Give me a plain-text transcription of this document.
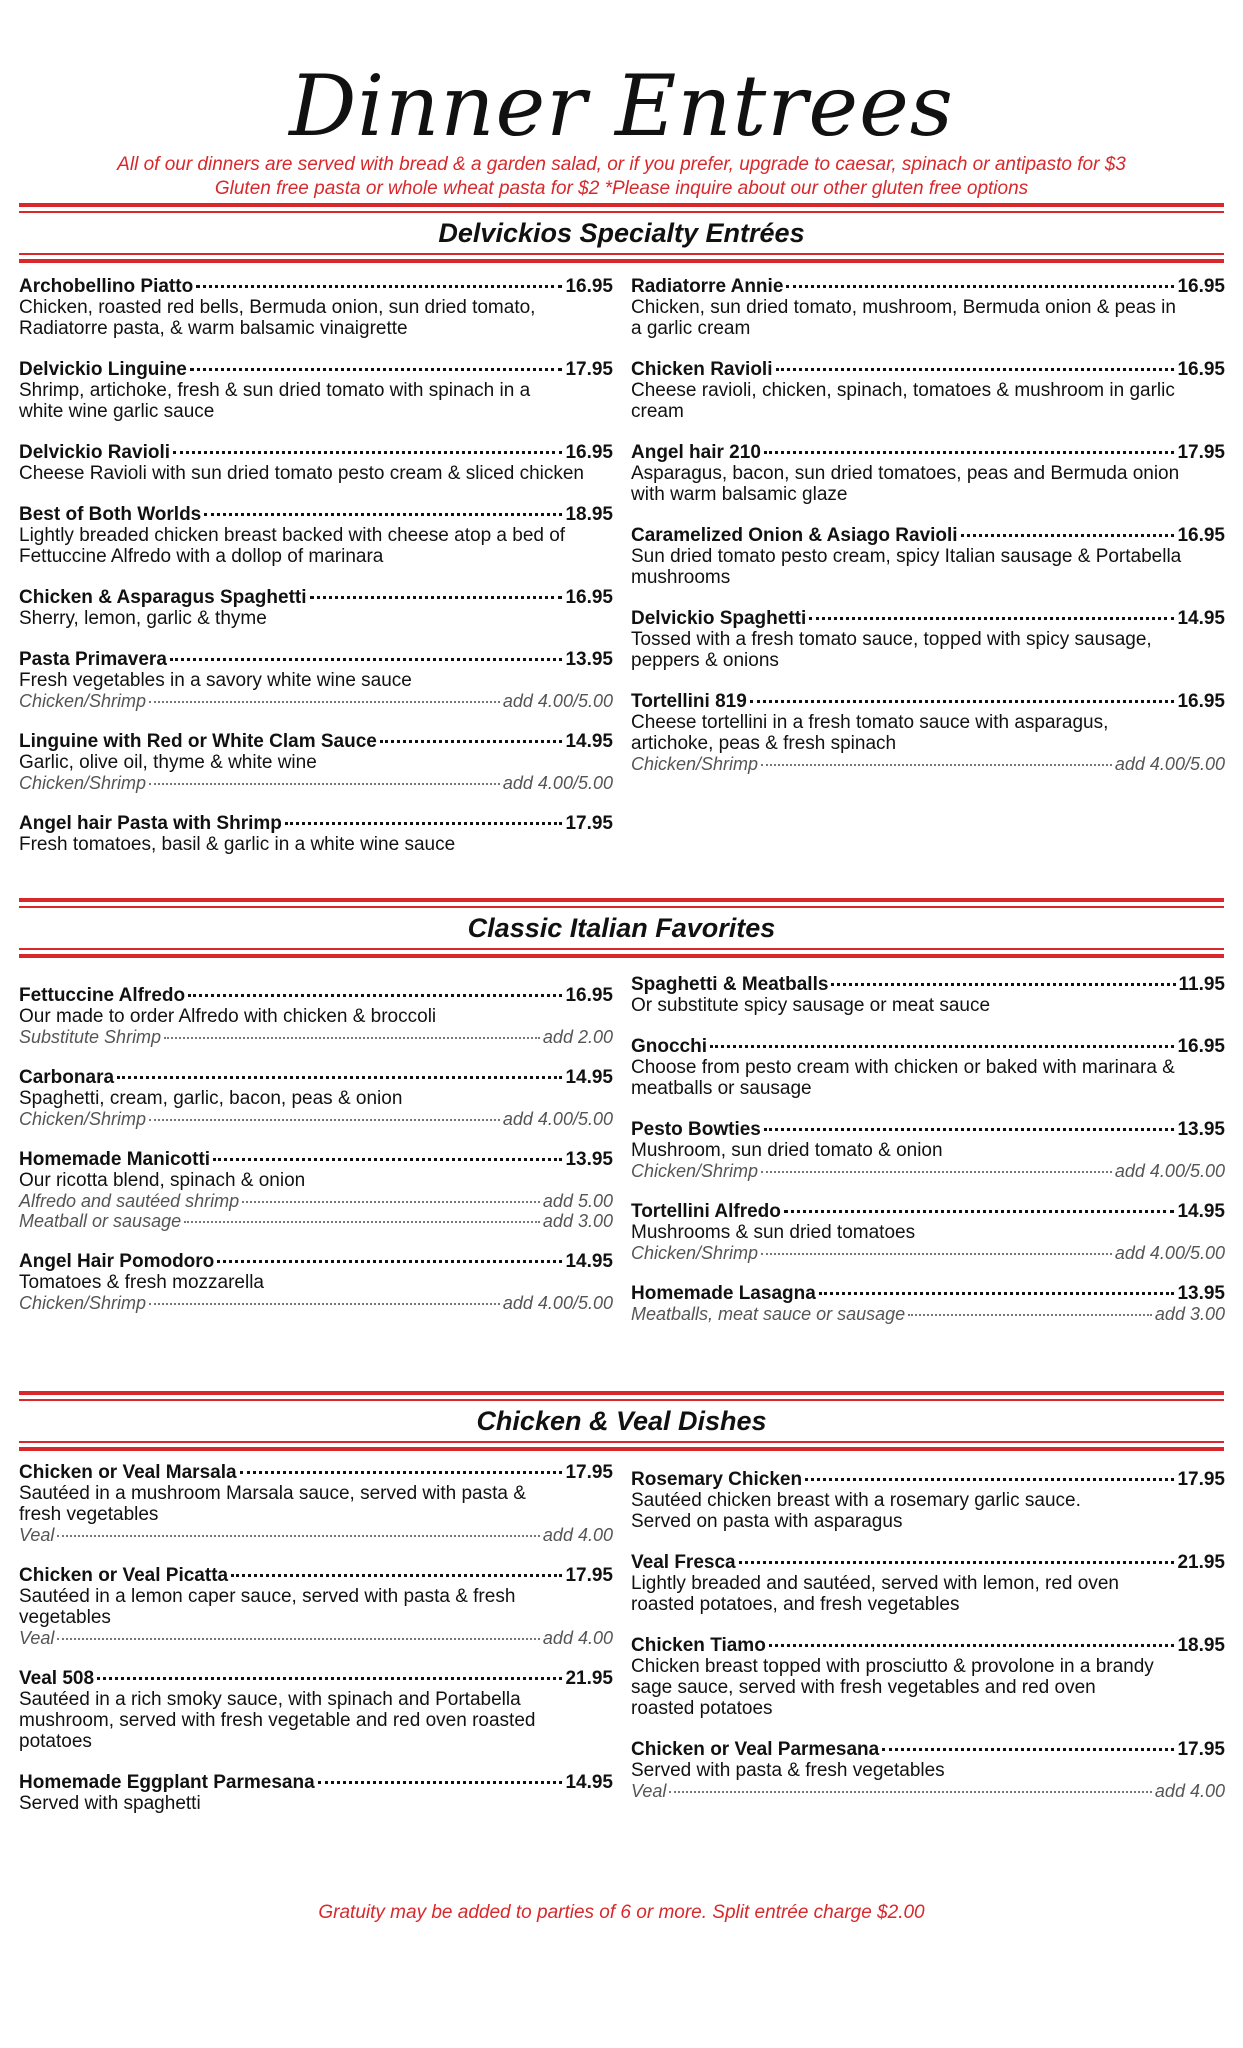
Dinner Entrees
All of our dinners are served with bread & a garden salad, or if you prefer, upgrade to caesar, spinach or antipasto for $3
Gluten free pasta or whole wheat pasta for $2 *Please inquire about our other gluten free options
Delvickios Specialty Entrées
Archobellino Piatto	16.95
Chicken, roasted red bells, Bermuda onion, sun dried tomato,
Radiatorre pasta, & warm balsamic vinaigrette
Delvickio Linguine	17.95
Shrimp, artichoke, fresh & sun dried tomato with spinach in a
white wine garlic sauce
Delvickio Ravioli	16.95
Cheese Ravioli with sun dried tomato pesto cream & sliced chicken
Best of Both Worlds	18.95
Lightly breaded chicken breast backed with cheese atop a bed of
Fettuccine Alfredo with a dollop of marinara
Chicken & Asparagus Spaghetti	16.95
Sherry, lemon, garlic & thyme
Pasta Primavera	13.95
Fresh vegetables in a savory white wine sauce
Chicken/Shrimp	add 4.00/5.00
Linguine with Red or White Clam Sauce	14.95
Garlic, olive oil, thyme & white wine
Chicken/Shrimp	add 4.00/5.00
Angel hair Pasta with Shrimp	17.95
Fresh tomatoes, basil & garlic in a white wine sauce
Radiatorre Annie	16.95
Chicken, sun dried tomato, mushroom, Bermuda onion & peas in
a garlic cream
Chicken Ravioli	16.95
Cheese ravioli, chicken, spinach, tomatoes & mushroom in garlic
cream
Angel hair 210	17.95
Asparagus, bacon, sun dried tomatoes, peas and Bermuda onion
with warm balsamic glaze
Caramelized Onion & Asiago Ravioli	16.95
Sun dried tomato pesto cream, spicy Italian sausage & Portabella
mushrooms
Delvickio Spaghetti	14.95
Tossed with a fresh tomato sauce, topped with spicy sausage,
peppers & onions
Tortellini 819	16.95
Cheese tortellini in a fresh tomato sauce with asparagus,
artichoke, peas & fresh spinach
Chicken/Shrimp	add 4.00/5.00
Classic Italian Favorites
Fettuccine Alfredo	16.95
Our made to order Alfredo with chicken & broccoli
Substitute Shrimp	add 2.00
Carbonara	14.95
Spaghetti, cream, garlic, bacon, peas & onion
Chicken/Shrimp	add 4.00/5.00
Homemade Manicotti	13.95
Our ricotta blend, spinach & onion
Alfredo and sautéed shrimp	add 5.00
Meatball or sausage	add 3.00
Angel Hair Pomodoro	14.95
Tomatoes & fresh mozzarella
Chicken/Shrimp	add 4.00/5.00
Spaghetti & Meatballs	11.95
Or substitute spicy sausage or meat sauce
Gnocchi	16.95
Choose from pesto cream with chicken or baked with marinara &
meatballs or sausage
Pesto Bowties	13.95
Mushroom, sun dried tomato & onion
Chicken/Shrimp	add 4.00/5.00
Tortellini Alfredo	14.95
Mushrooms & sun dried tomatoes
Chicken/Shrimp	add 4.00/5.00
Homemade Lasagna	13.95
Meatballs, meat sauce or sausage	add 3.00
Chicken & Veal Dishes
Chicken or Veal Marsala	17.95
Sautéed in a mushroom Marsala sauce, served with pasta &
fresh vegetables
Veal	add 4.00
Chicken or Veal Picatta	17.95
Sautéed in a lemon caper sauce, served with pasta & fresh
vegetables
Veal	add 4.00
Veal 508	21.95
Sautéed in a rich smoky sauce, with spinach and Portabella
mushroom, served with fresh vegetable and red oven roasted
potatoes
Homemade Eggplant Parmesana	14.95
Served with spaghetti
Rosemary Chicken	17.95
Sautéed chicken breast with a rosemary garlic sauce.
Served on pasta with asparagus
Veal Fresca	21.95
Lightly breaded and sautéed, served with lemon, red oven
roasted potatoes, and fresh vegetables
Chicken Tiamo	18.95
Chicken breast topped with prosciutto & provolone in a brandy
sage sauce, served with fresh vegetables and red oven
roasted potatoes
Chicken or Veal Parmesana	17.95
Served with pasta & fresh vegetables
Veal	add 4.00
Gratuity may be added to parties of 6 or more. Split entrée charge $2.00
